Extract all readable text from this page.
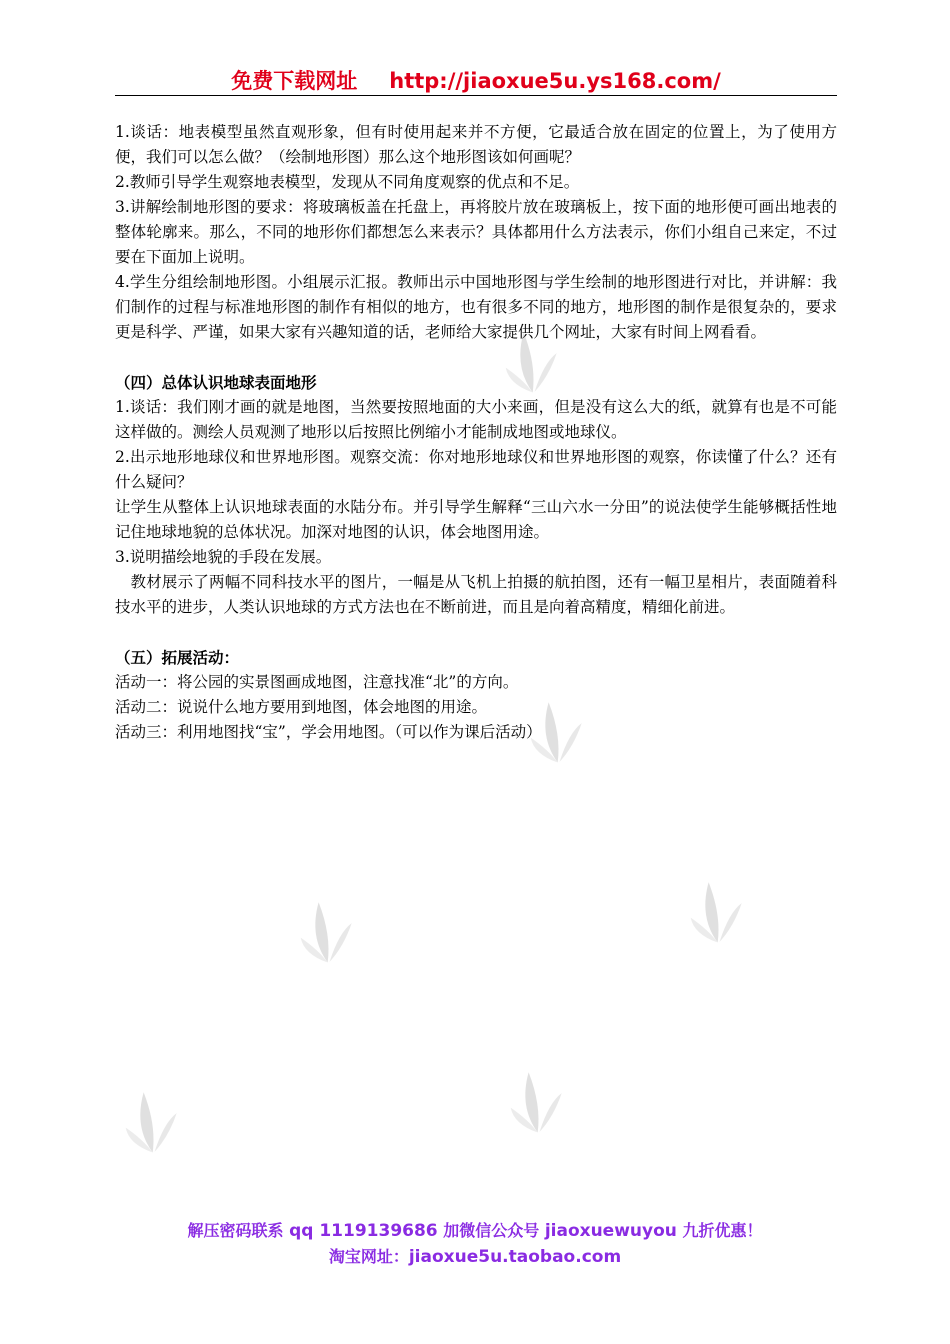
免费下载网址 http://jiaoxue5u.ys168.com/

1.谈话：地表模型虽然直观形象，但有时使用起来并不方便，它最适合放在固定的位置上，为了使用方便，我们可以怎么做？（绘制地形图）那么这个地形图该如何画呢？

2.教师引导学生观察地表模型，发现从不同角度观察的优点和不足。

3.讲解绘制地形图的要求：将玻璃板盖在托盘上，再将胶片放在玻璃板上，按下面的地形便可画出地表的整体轮廓来。那么，不同的地形你们都想怎么来表示？具体都用什么方法表示，你们小组自己来定，不过要在下面加上说明。

4.学生分组绘制地形图。小组展示汇报。教师出示中国地形图与学生绘制的地形图进行对比，并讲解：我们制作的过程与标准地形图的制作有相似的地方，也有很多不同的地方，地形图的制作是很复杂的，要求更是科学、严谨，如果大家有兴趣知道的话，老师给大家提供几个网址，大家有时间上网看看。

（四）总体认识地球表面地形

1.谈话：我们刚才画的就是地图，当然要按照地面的大小来画，但是没有这么大的纸，就算有也是不可能这样做的。测绘人员观测了地形以后按照比例缩小才能制成地图或地球仪。

2.出示地形地球仪和世界地形图。观察交流：你对地形地球仪和世界地形图的观察，你读懂了什么？还有什么疑问？

让学生从整体上认识地球表面的水陆分布。并引导学生解释“三山六水一分田”的说法使学生能够概括性地记住地球地貌的总体状况。加深对地图的认识，体会地图用途。

3.说明描绘地貌的手段在发展。

教材展示了两幅不同科技水平的图片，一幅是从飞机上拍摄的航拍图，还有一幅卫星相片，表面随着科技水平的进步，人类认识地球的方式方法也在不断前进，而且是向着高精度，精细化前进。

（五）拓展活动：

活动一：将公园的实景图画成地图，注意找准“北”的方向。

活动二：说说什么地方要用到地图，体会地图的用途。

活动三：利用地图找“宝”，学会用地图。（可以作为课后活动）

解压密码联系 qq 1119139686 加微信公众号 jiaoxuewuyou 九折优惠！
淘宝网址：jiaoxue5u.taobao.com
